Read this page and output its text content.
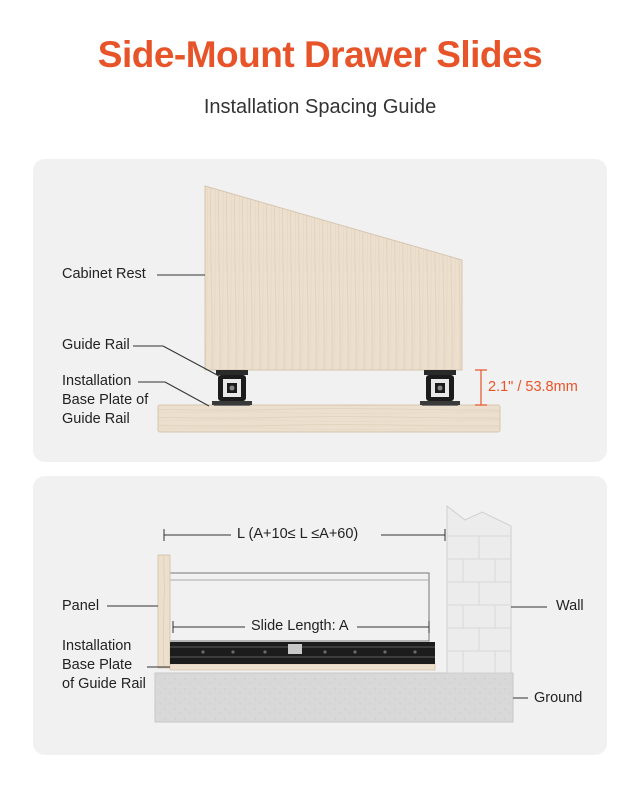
Side-Mount Drawer Slides
Installation Spacing Guide
Cabinet Rest
Guide Rail
Installation
Base Plate of
Guide Rail
2.1" / 53.8mm
Panel
Installation
Base Plate
of Guide Rail
Wall
Ground
L (A+10≤ L ≤A+60)
Slide Length: A
